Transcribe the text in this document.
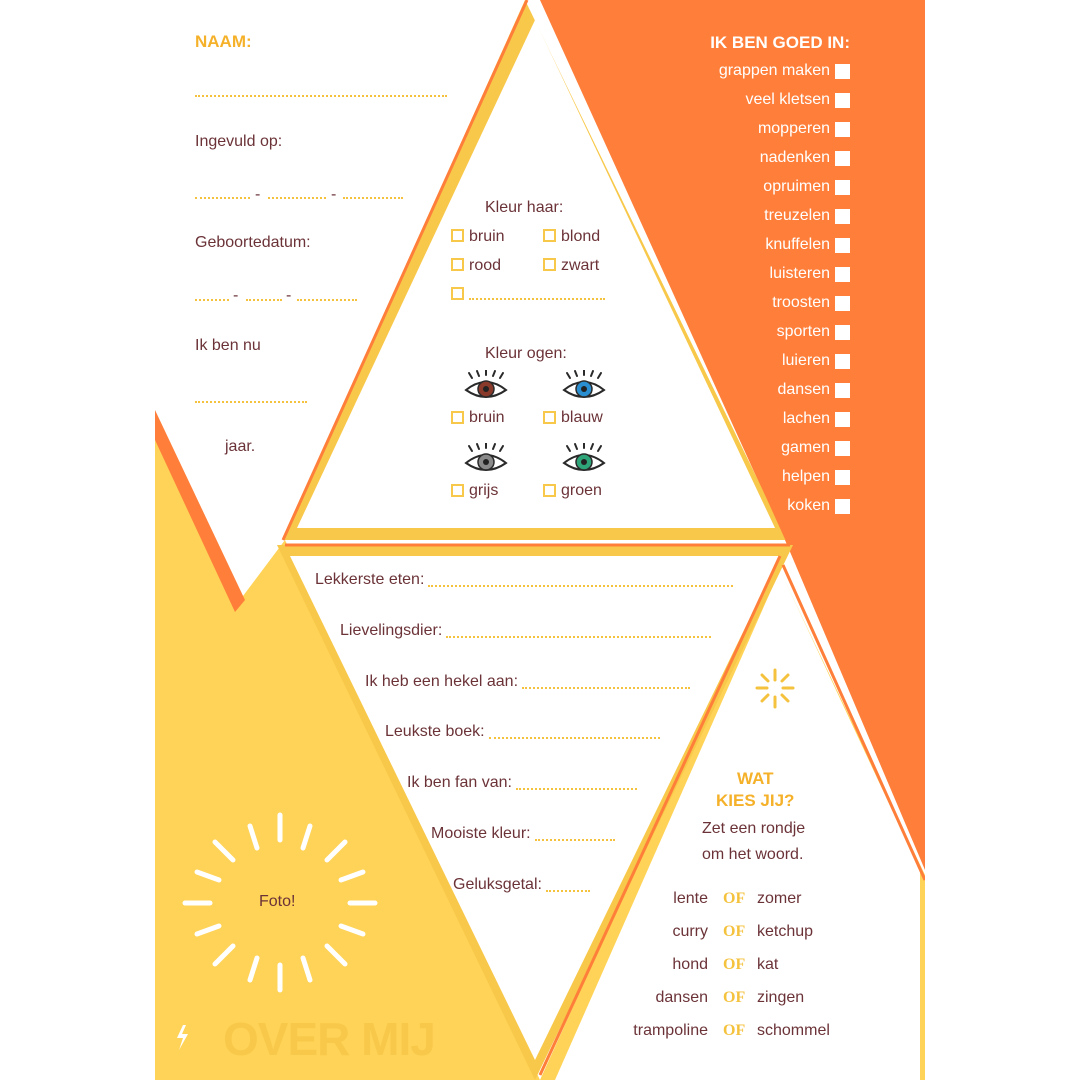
NAAM:
Ingevuld op:
-	-
Geboortedatum:
-	-
Ik ben nu
jaar.
Kleur haar:
bruin	blond
rood	zwart
Kleur ogen:
bruin	blauw
grijs	groen
IK BEN GOED IN:
grappen maken
veel kletsen
mopperen
nadenken
opruimen
treuzelen
knuffelen
luisteren
troosten
sporten
luieren
dansen
lachen
gamen
helpen
koken
Lekkerste eten:
Lievelingsdier:
Ik heb een hekel aan:
Leukste boek:
Ik ben fan van:
Mooiste kleur:
Geluksgetal:
WAT
KIES JIJ?
Zet een rondje
om het woord.
lente OF zomer
curry OF ketchup
hond OF kat
dansen OF zingen
trampoline OF schommel
Foto!
OVER MIJ
